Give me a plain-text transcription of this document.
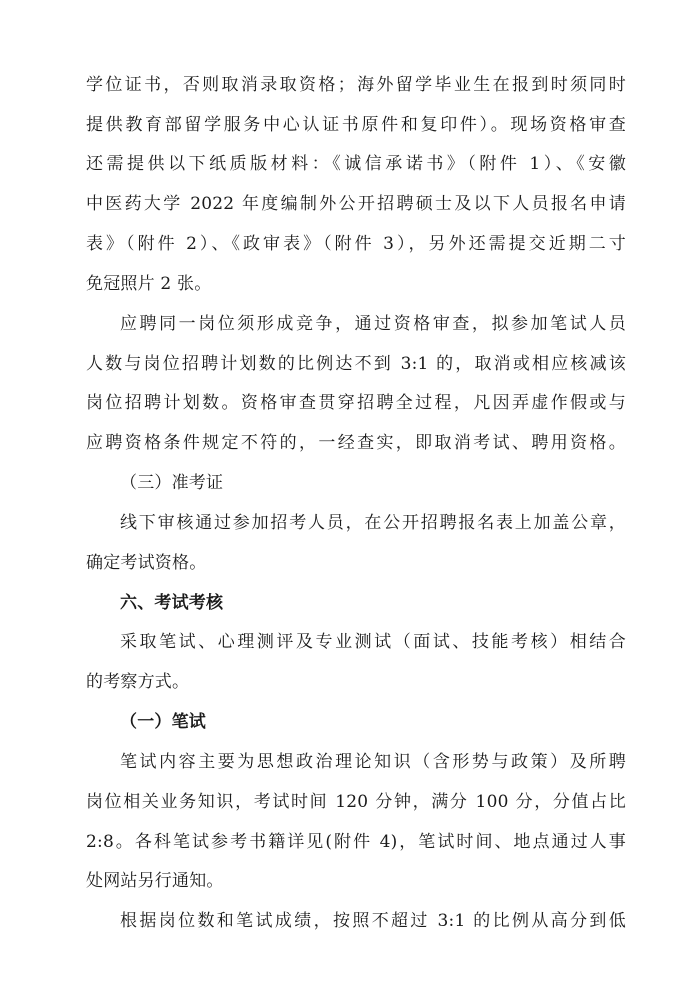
学位证书，否则取消录取资格；海外留学毕业生在报到时须同时
提供教育部留学服务中心认证书原件和复印件）。现场资格审查
还需提供以下纸质版材料：《诚信承诺书》（附件 1）、《安徽
中医药大学 2022 年度编制外公开招聘硕士及以下人员报名申请
表》（附件 2）、《政审表》（附件 3），另外还需提交近期二寸
免冠照片 2 张。
应聘同一岗位须形成竞争，通过资格审查，拟参加笔试人员
人数与岗位招聘计划数的比例达不到 3:1 的，取消或相应核减该
岗位招聘计划数。资格审查贯穿招聘全过程，凡因弄虚作假或与
应聘资格条件规定不符的，一经查实，即取消考试、聘用资格。
（三）准考证
线下审核通过参加招考人员，在公开招聘报名表上加盖公章，
确定考试资格。
六、考试考核
采取笔试、心理测评及专业测试（面试、技能考核）相结合
的考察方式。
（一）笔试
笔试内容主要为思想政治理论知识（含形势与政策）及所聘
岗位相关业务知识，考试时间 120 分钟，满分 100 分，分值占比
2:8。各科笔试参考书籍详见(附件 4)，笔试时间、地点通过人事
处网站另行通知。
根据岗位数和笔试成绩，按照不超过 3:1 的比例从高分到低
